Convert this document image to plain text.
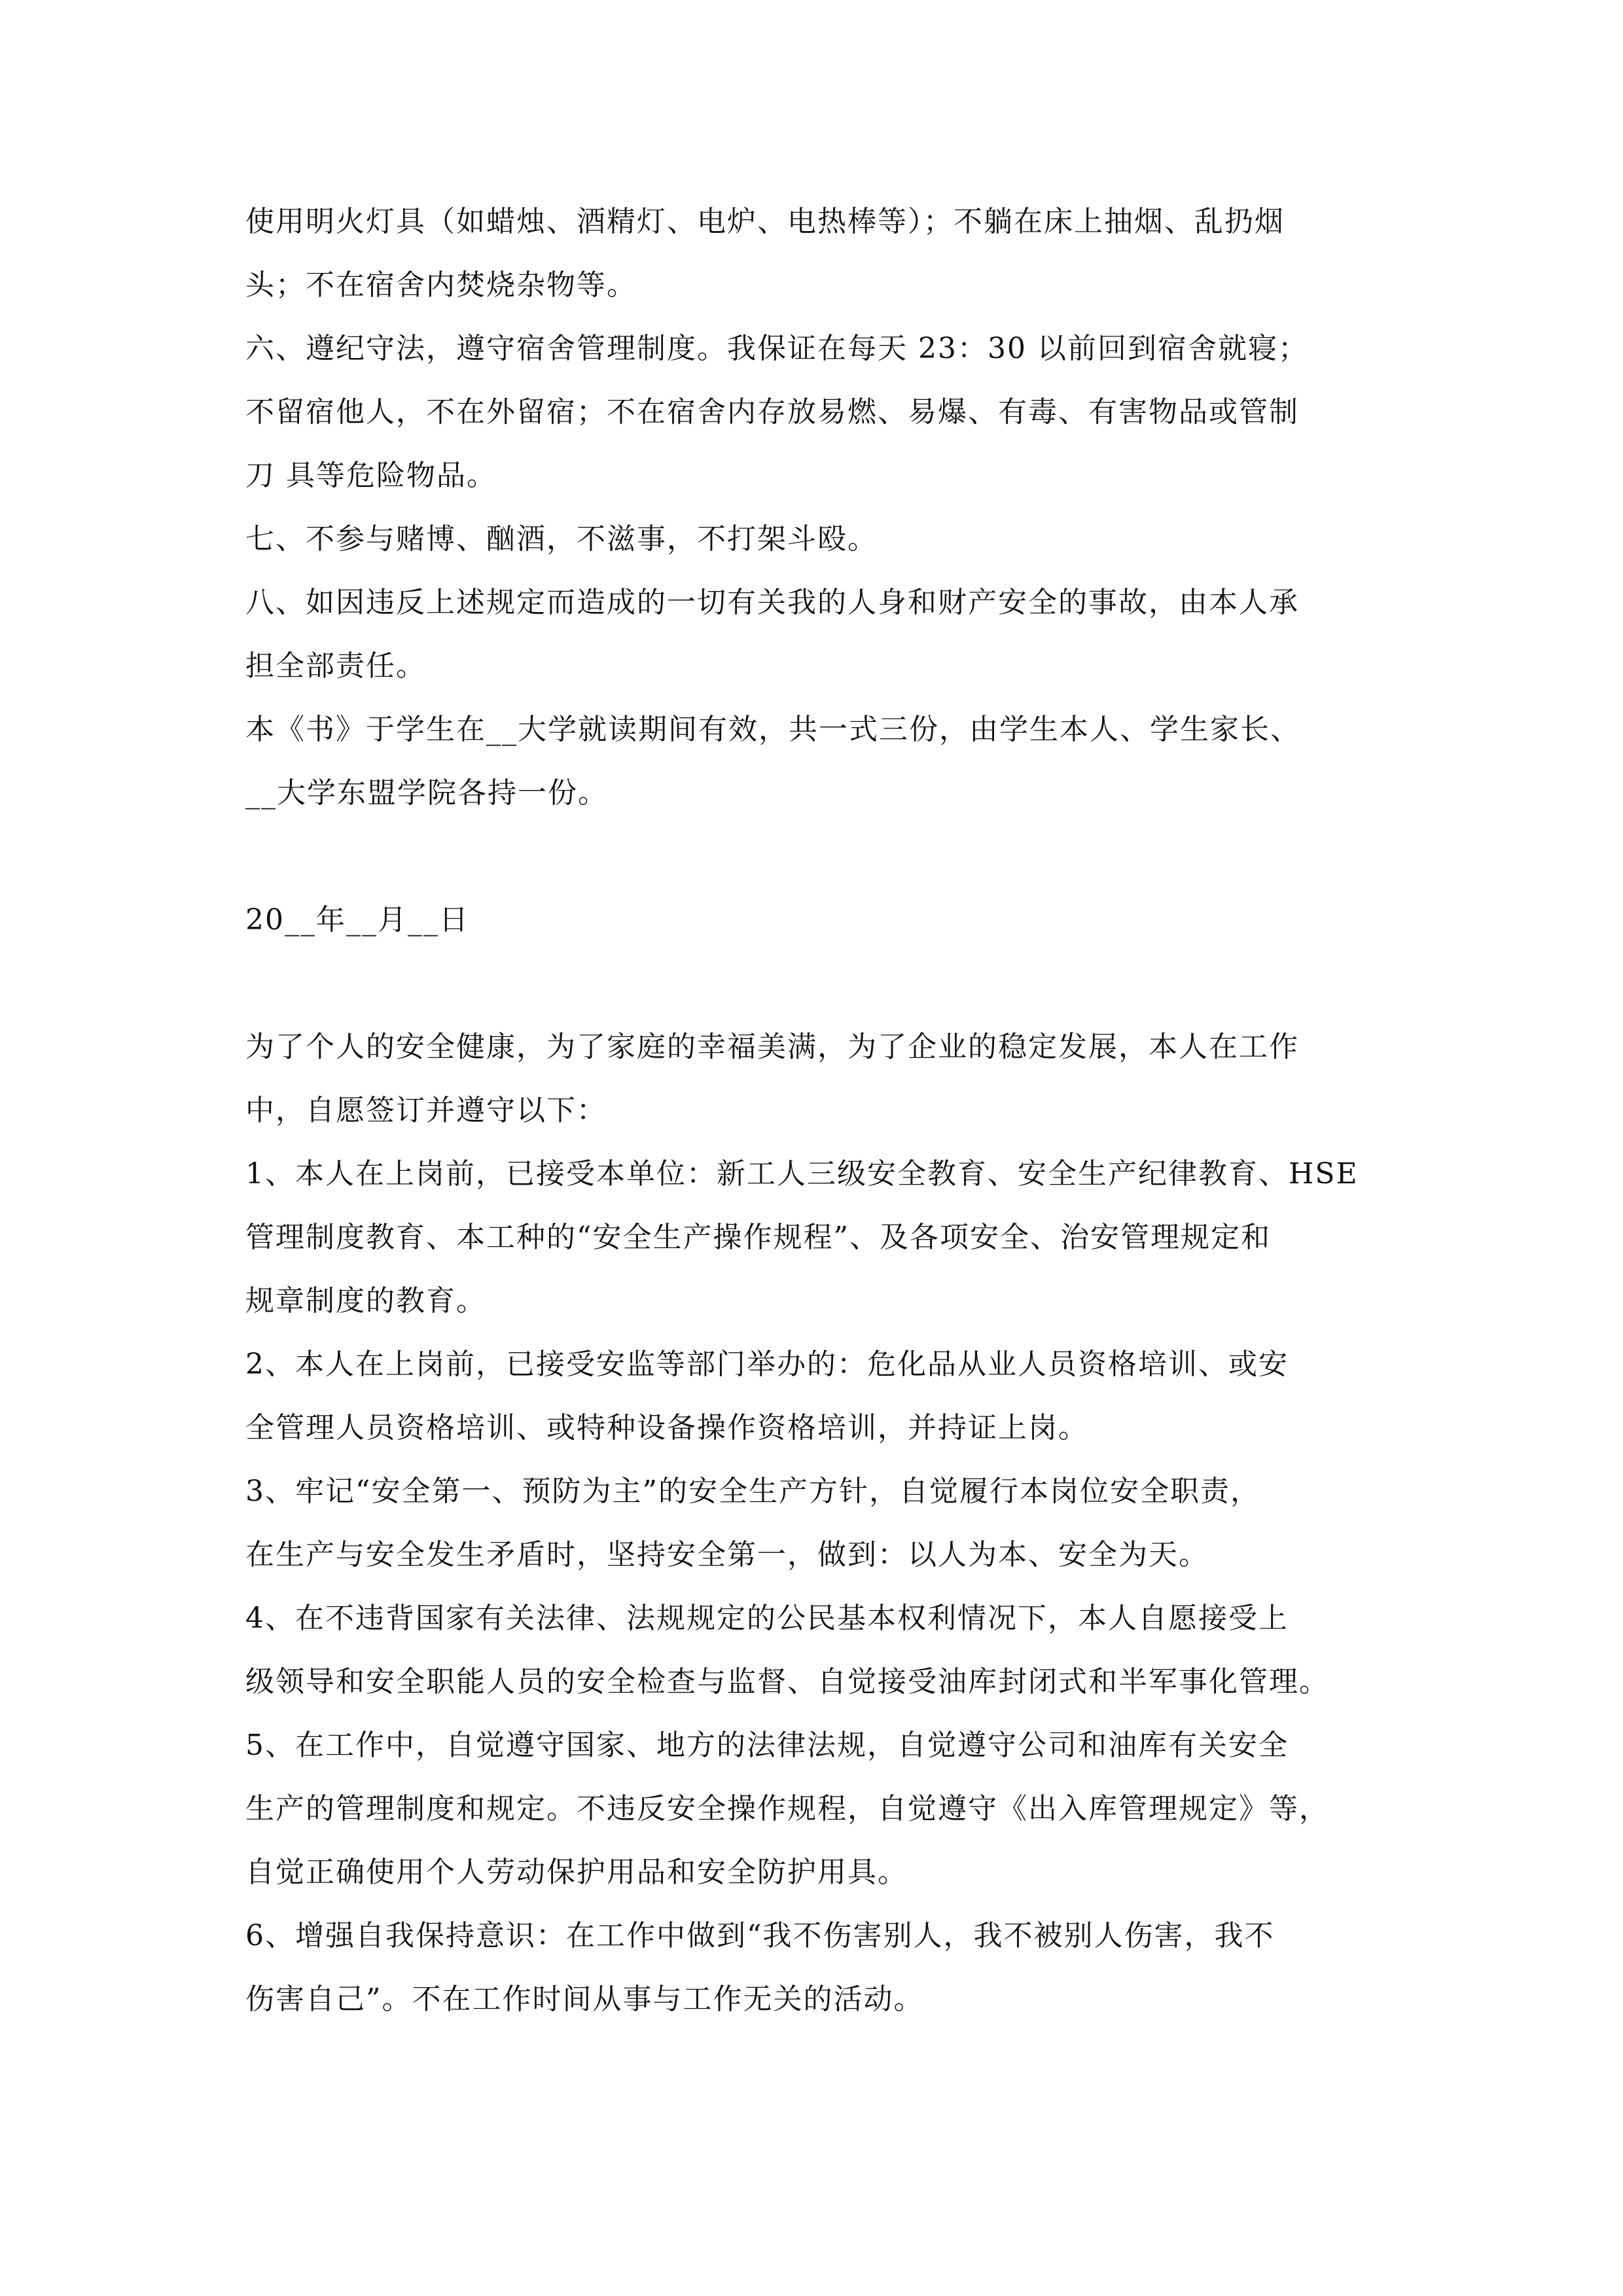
使用明火灯具（如蜡烛、酒精灯、电炉、电热棒等）；不躺在床上抽烟、乱扔烟
头；不在宿舍内焚烧杂物等。
六、遵纪守法，遵守宿舍管理制度。我保证在每天 23：30 以前回到宿舍就寝；
不留宿他人，不在外留宿；不在宿舍内存放易燃、易爆、有毒、有害物品或管制
刀 具等危险物品。
七、不参与赌博、酗酒，不滋事，不打架斗殴。
八、如因违反上述规定而造成的一切有关我的人身和财产安全的事故，由本人承
担全部责任。
本《书》于学生在__大学就读期间有效，共一式三份，由学生本人、学生家长、
__大学东盟学院各持一份。
20__年__月__日
为了个人的安全健康，为了家庭的幸福美满，为了企业的稳定发展，本人在工作
中，自愿签订并遵守以下：
1、本人在上岗前，已接受本单位：新工人三级安全教育、安全生产纪律教育、HSE
管理制度教育、本工种的“安全生产操作规程”、及各项安全、治安管理规定和
规章制度的教育。
2、本人在上岗前，已接受安监等部门举办的：危化品从业人员资格培训、或安
全管理人员资格培训、或特种设备操作资格培训，并持证上岗。
3、牢记“安全第一、预防为主”的安全生产方针，自觉履行本岗位安全职责，
在生产与安全发生矛盾时，坚持安全第一，做到：以人为本、安全为天。
4、在不违背国家有关法律、法规规定的公民基本权利情况下，本人自愿接受上
级领导和安全职能人员的安全检查与监督、自觉接受油库封闭式和半军事化管理。
5、在工作中，自觉遵守国家、地方的法律法规，自觉遵守公司和油库有关安全
生产的管理制度和规定。不违反安全操作规程，自觉遵守《出入库管理规定》等，
自觉正确使用个人劳动保护用品和安全防护用具。
6、增强自我保持意识：在工作中做到“我不伤害别人，我不被别人伤害，我不
伤害自己”。不在工作时间从事与工作无关的活动。
